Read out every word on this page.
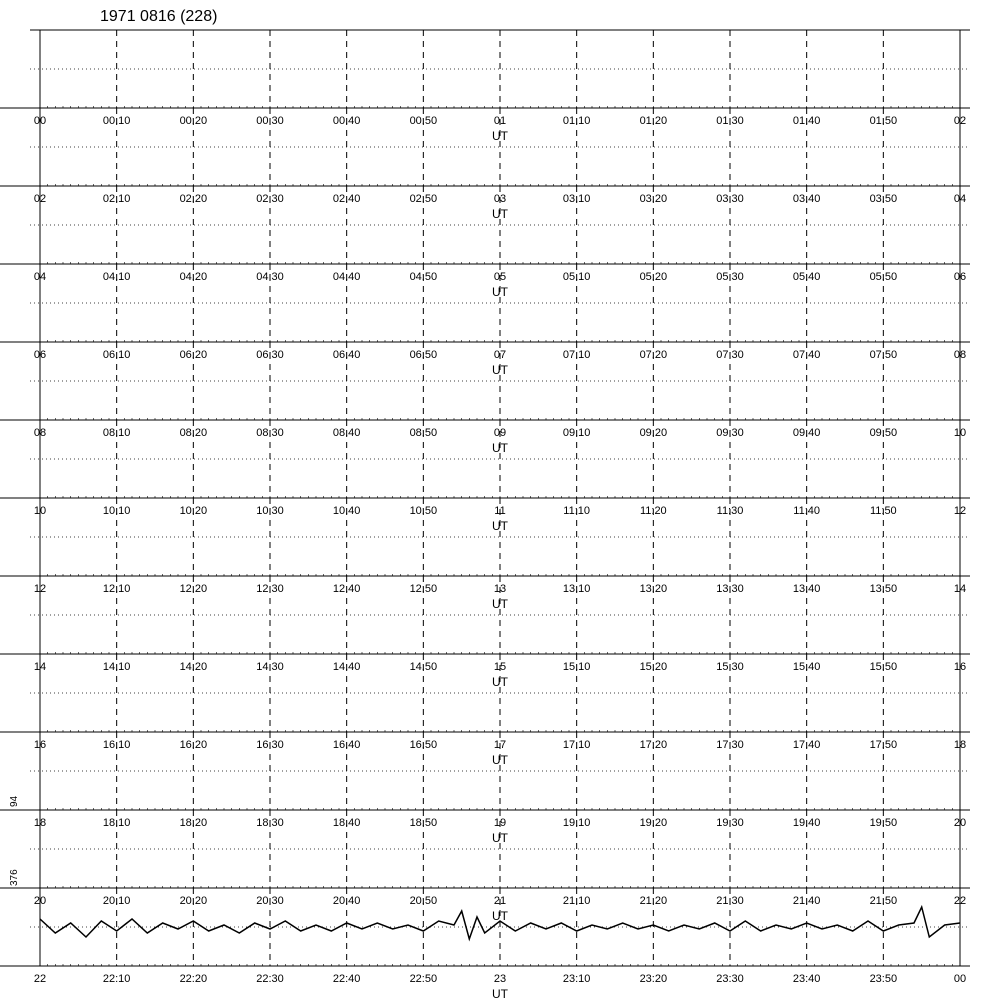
1971 0816 (228)
00	00:10	00:20	00:30	00:40	00:50	01	01:10	01:20	01:30	01:40	01:50	02
UT
02	02:10	02:20	02:30	02:40	02:50	03	03:10	03:20	03:30	03:40	03:50	04
UT
04	04:10	04:20	04:30	04:40	04:50	05	05:10	05:20	05:30	05:40	05:50	06
UT
06	06:10	06:20	06:30	06:40	06:50	07	07:10	07:20	07:30	07:40	07:50	08
UT
08	08:10	08:20	08:30	08:40	08:50	09	09:10	09:20	09:30	09:40	09:50	10
UT
10	10:10	10:20	10:30	10:40	10:50	11	11:10	11:20	11:30	11:40	11:50	12
UT
12	12:10	12:20	12:30	12:40	12:50	13	13:10	13:20	13:30	13:40	13:50	14
UT
14	14:10	14:20	14:30	14:40	14:50	15	15:10	15:20	15:30	15:40	15:50	16
UT
16	16:10	16:20	16:30	16:40	16:50	17	17:10	17:20	17:30	17:40	17:50	18
UT
18	18:10	18:20	18:30	18:40	18:50	19	19:10	19:20	19:30	19:40	19:50	20
UT
20	20:10	20:20	20:30	20:40	20:50	21	21:10	21:20	21:30	21:40	21:50	22
UT
22	22:10	22:20	22:30	22:40	22:50	23	23:10	23:20	23:30	23:40	23:50	00
UT
94
376
